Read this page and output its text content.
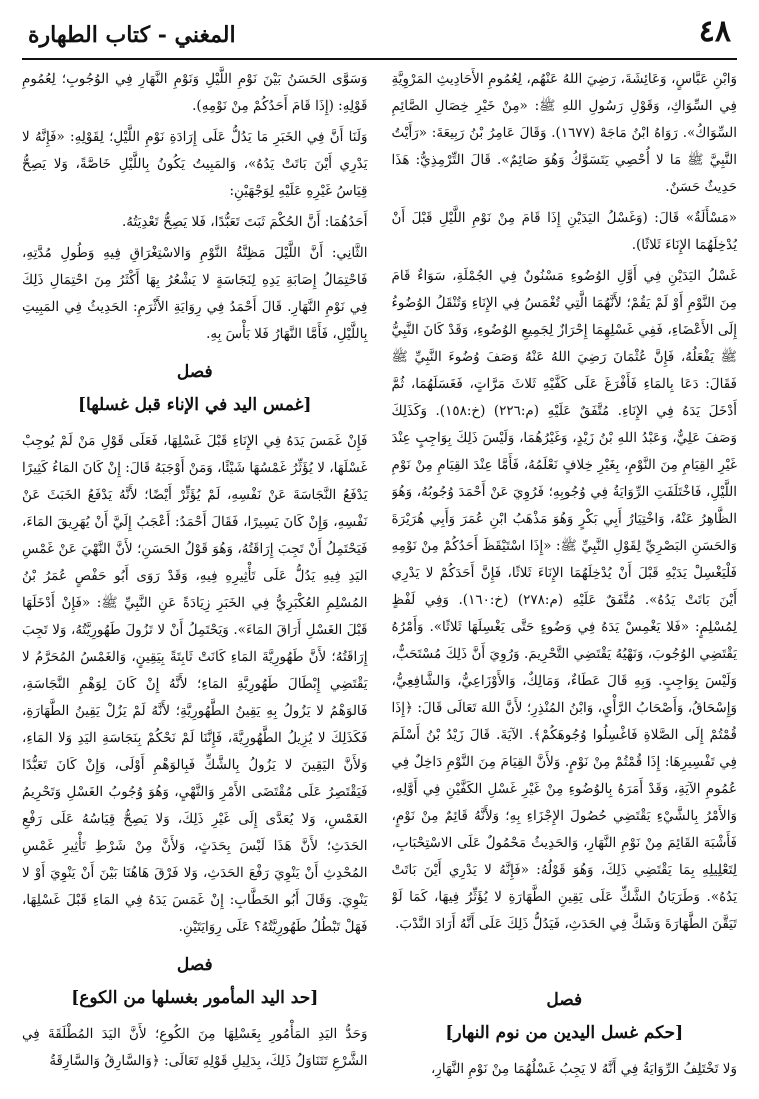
٤٨
المغني - كتاب الطهارة

وَابْنِ عَبَّاسٍ، وَعَائِشَةَ، رَضِيَ اللهُ عَنْهُم، لِعُمُومِ الأَحَادِيثِ المَرْوِيَّةِ فِي السِّوَاكِ، وَقَوْلِ رَسُولِ اللهِ ﷺ: «مِنْ خَيْرِ خِصَالِ الصَّائِمِ السِّوَاكُ». رَوَاهُ ابْنُ مَاجَهْ (١٦٧٧). وَقَالَ عَامِرُ بْنُ رَبِيعَةَ: «رَأَيْتُ النَّبِيَّ ﷺ مَا لا أُحْصِي يَتَسَوَّكُ وَهُوَ صَائِمٌ». قَالَ التِّرْمِذِيُّ: هَذَا حَدِيثٌ حَسَنٌ.

«مَسْأَلَةٌ» قَالَ: (وَغَسْلُ اليَدَيْنِ إِذَا قَامَ مِنْ نَوْمِ اللَّيْلِ قَبْلَ أَنْ يُدْخِلَهُمَا الإِنَاءَ ثَلاثًا).

غَسْلُ اليَدَيْنِ فِي أَوَّلِ الوُضُوءِ مَسْنُونٌ فِي الجُمْلَةِ، سَوَاءٌ قَامَ مِنَ النَّوْمِ أَوْ لَمْ يَقُمْ؛ لأَنَّهُمَا الَّتِي تُغْمَسُ فِي الإِنَاءِ وَتُنْقَلُ الوُضُوءُ إِلَى الأَعْضَاءِ، فَفِي غَسْلِهِمَا إِحْرَازٌ لِجَمِيعِ الوُضُوءِ، وَقَدْ كَانَ النَّبِيُّ ﷺ يَفْعَلُهُ، فَإِنَّ عُثْمَانَ رَضِيَ اللهُ عَنْهُ وَصَفَ وُضُوءَ النَّبِيِّ ﷺ فَقَالَ: دَعَا بِالمَاءِ فَأَفْرَغَ عَلَى كَفَّيْهِ ثَلاثَ مَرَّاتٍ، فَغَسَلَهُمَا، ثُمَّ أَدْخَلَ يَدَهُ فِي الإِنَاءِ. مُتَّفَقٌ عَلَيْهِ (م:٢٢٦) (خ:١٥٨). وَكَذَلِكَ وَصَفَ عَلِيٌّ، وَعَبْدُ اللهِ بْنُ زَيْدٍ، وَغَيْرُهُمَا، وَلَيْسَ ذَلِكَ بِوَاجِبٍ عِنْدَ غَيْرِ القِيَامِ مِنَ النَّوْمِ، بِغَيْرِ خِلافٍ نَعْلَمُهُ، فَأَمَّا عِنْدَ القِيَامِ مِنْ نَوْمِ اللَّيْلِ، فَاخْتَلَفَتِ الرِّوَايَةُ فِي وُجُوبِهِ؛ فَرُوِيَ عَنْ أَحْمَدَ وُجُوبُهُ، وَهُوَ الظَّاهِرُ عَنْهُ، وَاخْتِيَارُ أَبِي بَكْرٍ وَهُوَ مَذْهَبُ ابْنِ عُمَرَ وَأَبِي هُرَيْرَةَ وَالحَسَنِ البَصْرِيِّ لِقَوْلِ النَّبِيِّ ﷺ: «إِذَا اسْتَيْقَظَ أَحَدُكُمْ مِنْ نَوْمِهِ فَلْيَغْسِلْ يَدَيْهِ قَبْلَ أَنْ يُدْخِلَهُمَا الإِنَاءَ ثَلاثًا، فَإِنَّ أَحَدَكُمْ لا يَدْرِي أَيْنَ بَاتَتْ يَدُهُ». مُتَّفَقٌ عَلَيْهِ (م:٢٧٨) (خ:١٦٠). وَفِي لَفْظٍ لِمُسْلِمٍ: «فَلا يَغْمِسْ يَدَهُ فِي وَضُوءٍ حَتَّى يَغْسِلَهَا ثَلاثًا». وَأَمْرُهُ يَقْتَضِي الوُجُوبَ، وَنَهْيُهُ يَقْتَضِي التَّحْرِيمَ. وَرُوِيَ أَنَّ ذَلِكَ مُسْتَحَبٌّ، وَلَيْسَ بِوَاجِبٍ. وَبِهِ قَالَ عَطَاءٌ، وَمَالِكٌ، وَالأَوْزَاعِيُّ، وَالشَّافِعِيُّ، وَإِسْحَاقُ، وَأَصْحَابُ الرَّأْيِ، وَابْنُ المُنْذِرِ؛ لأَنَّ اللهَ تَعَالَى قَالَ: ﴿إِذَا قُمْتُمْ إِلَى الصَّلاةِ فَاغْسِلُوا وُجُوهَكُمْ﴾. الآيَةَ. قَالَ زَيْدُ بْنُ أَسْلَمَ فِي تَفْسِيرِهَا: إِذَا قُمْتُمْ مِنْ نَوْمٍ. وَلأَنَّ القِيَامَ مِنَ النَّوْمِ دَاخِلٌ فِي عُمُومِ الآيَةِ، وَقَدْ أَمَرَهُ بِالوُضُوءِ مِنْ غَيْرِ غَسْلِ الكَفَّيْنِ فِي أَوَّلِهِ، وَالأَمْرُ بِالشَّيْءِ يَقْتَضِي حُصُولَ الإِجْزَاءِ بِهِ؛ وَلأَنَّهُ قَائِمٌ مِنْ نَوْمٍ، فَأَشْبَهَ القَائِمَ مِنْ نَوْمِ النَّهَارِ، وَالحَدِيثُ مَحْمُولٌ عَلَى الاسْتِحْبَابِ، لِتَعْلِيلِهِ بِمَا يَقْتَضِي ذَلِكَ، وَهُوَ قَوْلُهُ: «فَإِنَّهُ لا يَدْرِي أَيْنَ بَاتَتْ يَدُهُ». وَطَرَيَانُ الشَّكِّ عَلَى يَقِينِ الطَّهَارَةِ لا يُؤَثِّرُ فِيهَا، كَمَا لَوْ تَيَقَّنَ الطَّهَارَةَ وَشَكَّ فِي الحَدَثِ، فَيَدُلُّ ذَلِكَ عَلَى أَنَّهُ أَرَادَ النَّدْبَ.

فصل
[حكم غسل اليدين من نوم النهار]

وَلا تَخْتَلِفُ الرِّوَايَةُ فِي أَنَّهُ لا يَجِبُ غَسْلُهُمَا مِنْ نَوْمِ النَّهَارِ،

وَسَوَّى الحَسَنُ بَيْنَ نَوْمِ اللَّيْلِ وَنَوْمِ النَّهَارِ فِي الوُجُوبِ؛ لِعُمُومِ قَوْلِهِ: (إِذَا قَامَ أَحَدُكُمْ مِنْ نَوْمِهِ).

وَلَنَا أَنَّ فِي الخَبَرِ مَا يَدُلُّ عَلَى إِرَادَةِ نَوْمِ اللَّيْلِ؛ لِقَوْلِهِ: «فَإِنَّهُ لا يَدْرِي أَيْنَ بَاتَتْ يَدُهُ»، وَالمَبِيتُ يَكُونُ بِاللَّيْلِ خَاصَّةً، وَلا يَصِحُّ قِيَاسُ غَيْرِهِ عَلَيْهِ لِوَجْهَيْنِ:

أَحَدُهُمَا: أَنَّ الحُكْمَ ثَبَتَ تَعَبُّدًا، فَلا يَصِحُّ تَعْدِيَتُهُ.

الثَّانِي: أَنَّ اللَّيْلَ مَظِنَّةُ النَّوْمِ وَالاسْتِغْرَاقِ فِيهِ وَطُولِ مُدَّتِهِ، فَاحْتِمَالُ إِصَابَةِ يَدِهِ لِنَجَاسَةٍ لا يَشْعُرُ بِهَا أَكْثَرُ مِنَ احْتِمَالِ ذَلِكَ فِي نَوْمِ النَّهَارِ. قَالَ أَحْمَدُ فِي رِوَايَةِ الأَثْرَمِ: الحَدِيثُ فِي المَبِيتِ بِاللَّيْلِ، فَأَمَّا النَّهَارُ فَلا بَأْسَ بِهِ.

فصل
[غمس اليد في الإناء قبل غسلها]

فَإِنْ غَمَسَ يَدَهُ فِي الإِنَاءِ قَبْلَ غَسْلِهَا، فَعَلَى قَوْلِ مَنْ لَمْ يُوجِبْ غَسْلَهَا، لا يُؤَثِّرُ غَمْسُهَا شَيْئًا، وَمَنْ أَوْجَبَهُ قَالَ: إِنْ كَانَ المَاءُ كَثِيرًا يَدْفَعُ النَّجَاسَةَ عَنْ نَفْسِهِ، لَمْ يُؤَثِّرْ أَيْضًا؛ لأَنَّهُ يَدْفَعُ الخَبَثَ عَنْ نَفْسِهِ، وَإِنْ كَانَ يَسِيرًا، فَقَالَ أَحْمَدُ: أَعْجَبُ إِلَيَّ أَنْ يُهَرِيقَ المَاءَ، فَيَحْتَمِلُ أَنْ تَجِبَ إِرَاقَتُهُ، وَهُوَ قَوْلُ الحَسَنِ؛ لأَنَّ النَّهْيَ عَنْ غَمْسِ اليَدِ فِيهِ يَدُلُّ عَلَى تَأْثِيرِهِ فِيهِ، وَقَدْ رَوَى أَبُو حَفْصٍ عُمَرُ بْنُ المُسْلِمِ العُكْبَرِيُّ فِي الخَبَرِ زِيَادَةً عَنِ النَّبِيِّ ﷺ: «فَإِنْ أَدْخَلَهَا قَبْلَ الغَسْلِ أَرَاقَ المَاءَ». وَيَحْتَمِلُ أَنْ لا تَزُولَ طَهُورِيَّتُهُ، وَلا تَجِبَ إِرَاقَتُهُ؛ لأَنَّ طَهُورِيَّةَ المَاءِ كَانَتْ ثَابِتَةً بِيَقِينٍ، وَالغَمْسُ المُحَرَّمُ لا يَقْتَضِي إِبْطَالَ طَهُورِيَّةِ المَاءِ؛ لأَنَّهُ إِنْ كَانَ لِوَهْمِ النَّجَاسَةِ، فَالوَهْمُ لا يَزُولُ بِهِ يَقِينُ الطَّهُورِيَّةِ؛ لأَنَّهُ لَمْ يَزُلْ يَقِينُ الطَّهَارَةِ، فَكَذَلِكَ لا يُزِيلُ الطَّهُورِيَّةَ، فَإِنَّنَا لَمْ نَحْكُمْ بِنَجَاسَةِ اليَدِ وَلا المَاءِ، وَلأَنَّ اليَقِينَ لا يَزُولُ بِالشَّكِّ فَبِالوَهْمِ أَوْلَى، وَإِنْ كَانَ تَعَبُّدًا فَيَقْتَصِرُ عَلَى مُقْتَضَى الأَمْرِ وَالنَّهْيِ، وَهُوَ وُجُوبُ الغَسْلِ وَتَحْرِيمُ الغَمْسِ، وَلا يُعَدَّى إِلَى غَيْرِ ذَلِكَ، وَلا يَصِحُّ قِيَاسُهُ عَلَى رَفْعِ الحَدَثِ؛ لأَنَّ هَذَا لَيْسَ بِحَدَثٍ، وَلأَنَّ مِنْ شَرْطِ تَأْثِيرِ غَمْسِ المُحْدِثِ أَنْ يَنْوِيَ رَفْعَ الحَدَثِ، وَلا فَرْقَ هَاهُنَا بَيْنَ أَنْ يَنْوِيَ أَوْ لا يَنْوِيَ. وَقَالَ أَبُو الخَطَّابِ: إِنْ غَمَسَ يَدَهُ فِي المَاءِ قَبْلَ غَسْلِهَا، فَهَلْ تَبْطُلُ طَهُورِيَّتُهُ؟ عَلَى رِوَايَتَيْنِ.

فصل
[حد اليد المأمور بغسلها من الكوع]

وَحَدُّ اليَدِ المَأْمُورِ بِغَسْلِهَا مِنَ الكُوعِ؛ لأَنَّ اليَدَ المُطْلَقَةَ فِي الشَّرْعِ تَتَنَاوَلُ ذَلِكَ، بِدَلِيلِ قَوْلِهِ تَعَالَى: ﴿وَالسَّارِقُ وَالسَّارِقَةُ
